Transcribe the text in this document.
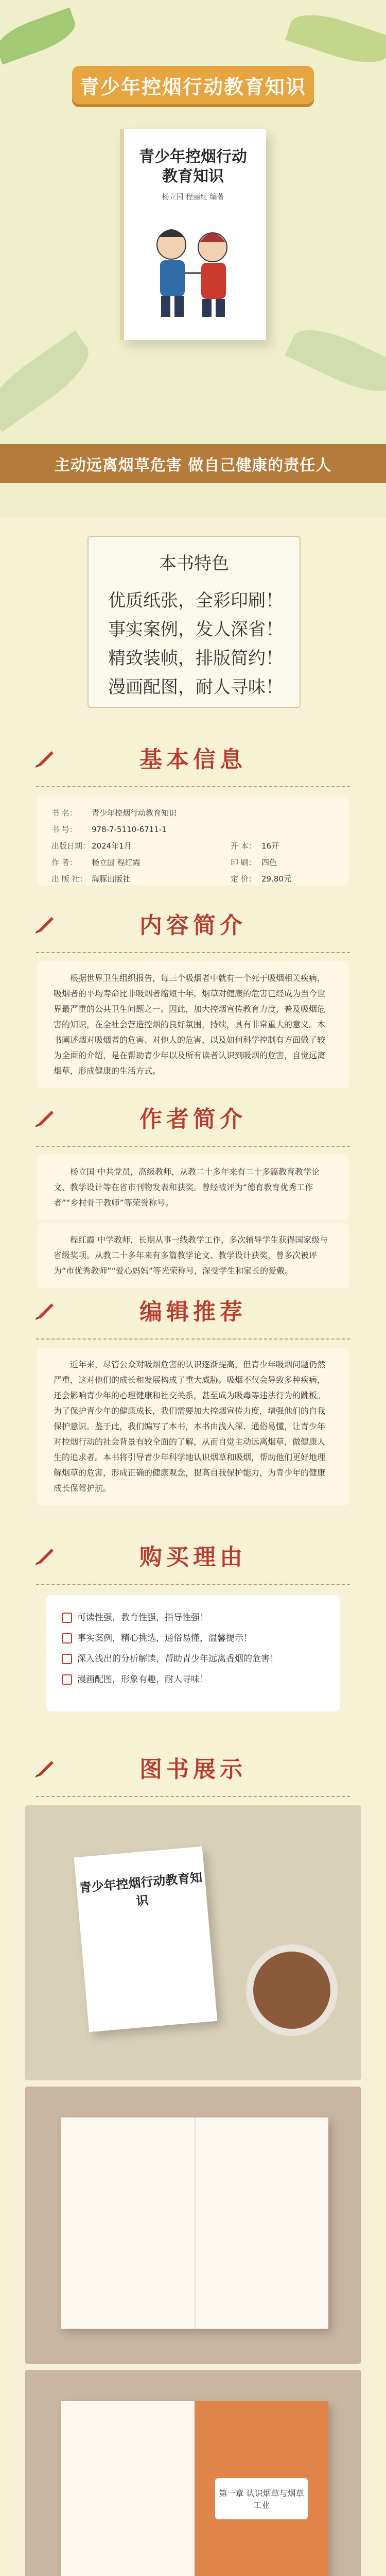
青少年控烟行动教育知识
青少年控烟行动
教育知识
杨立国 程丽红 编著
主动远离烟草危害 做自己健康的责任人
本书特色
优质纸张，全彩印刷！
事实案例，发人深省！
精致装帧，排版简约！
漫画配图，耐人寻味！
基本信息
书 名：	青少年控烟行动教育知识
书 号：	978-7-5110-6711-1
出版日期： 2024年1月	开 本： 16开
作 者：	杨立国 程红霞	印 刷： 四色
出 版 社： 海豚出版社	定 价： 29.80元
内容简介
根据世界卫生组织报告，每三个吸烟者中就有一个死于吸烟相关疾病，吸烟者的平均寿命比非吸烟者缩短十年。烟草对健康的危害已经成为当今世界最严重的公共卫生问题之一。因此，加大控烟宣传教育力度，普及吸烟危害的知识，在全社会营造控烟的良好氛围，持续，具有非常重大的意义。本书阐述烟对吸烟者的危害、对他人的危害，以及如何科学控制有方面做了较为全面的介绍，是在帮助青少年以及所有读者认识到吸烟的危害，自觉远离烟草，形成健康的生活方式。
作者简介
杨立国 中共党员，高级教师，从教二十多年来有二十多篇教育教学论文、教学设计等在省市刊物发表和获奖。曾经被评为“德育教育优秀工作者”“乡村骨干教师”等荣誉称号。
程红霞 中学教师，长期从事一线教学工作，多次辅导学生获得国家级与省级奖项。从教二十多年来有多篇教学论文、教学设计获奖，曾多次被评为“市优秀教师”“爱心妈妈”等光荣称号，深受学生和家长的爱戴。
编辑推荐
近年来，尽管公众对吸烟危害的认识逐渐提高，但青少年吸烟问题仍然严重，这对他们的成长和发展构成了重大威胁。吸烟不仅会导致多种疾病，还会影响青少年的心理健康和社交关系，甚至成为吸毒等违法行为的跳板。为了保护青少年的健康成长，我们需要加大控烟宣传力度，增强他们的自我保护意识。鉴于此，我们编写了本书，本书由浅入深、通俗易懂，让青少年对控烟行动的社会背景有较全面的了解，从而自觉主动远离烟草，做健康人生的追求者。本书将引导青少年科学地认识烟草和吸烟，帮助他们更好地理解烟草的危害，形成正确的健康观念，提高自我保护能力，为青少年的健康成长保驾护航。
购买理由
可读性强，教育性强，指导性强！
事实案例，精心挑选，通俗易懂，温馨提示！
深入浅出的分析解读，帮助青少年远离香烟的危害！
漫画配图，形象有趣，耐人寻味！
图书展示
青少年控烟行动教育知识
第一章 认识烟草与烟草工业
